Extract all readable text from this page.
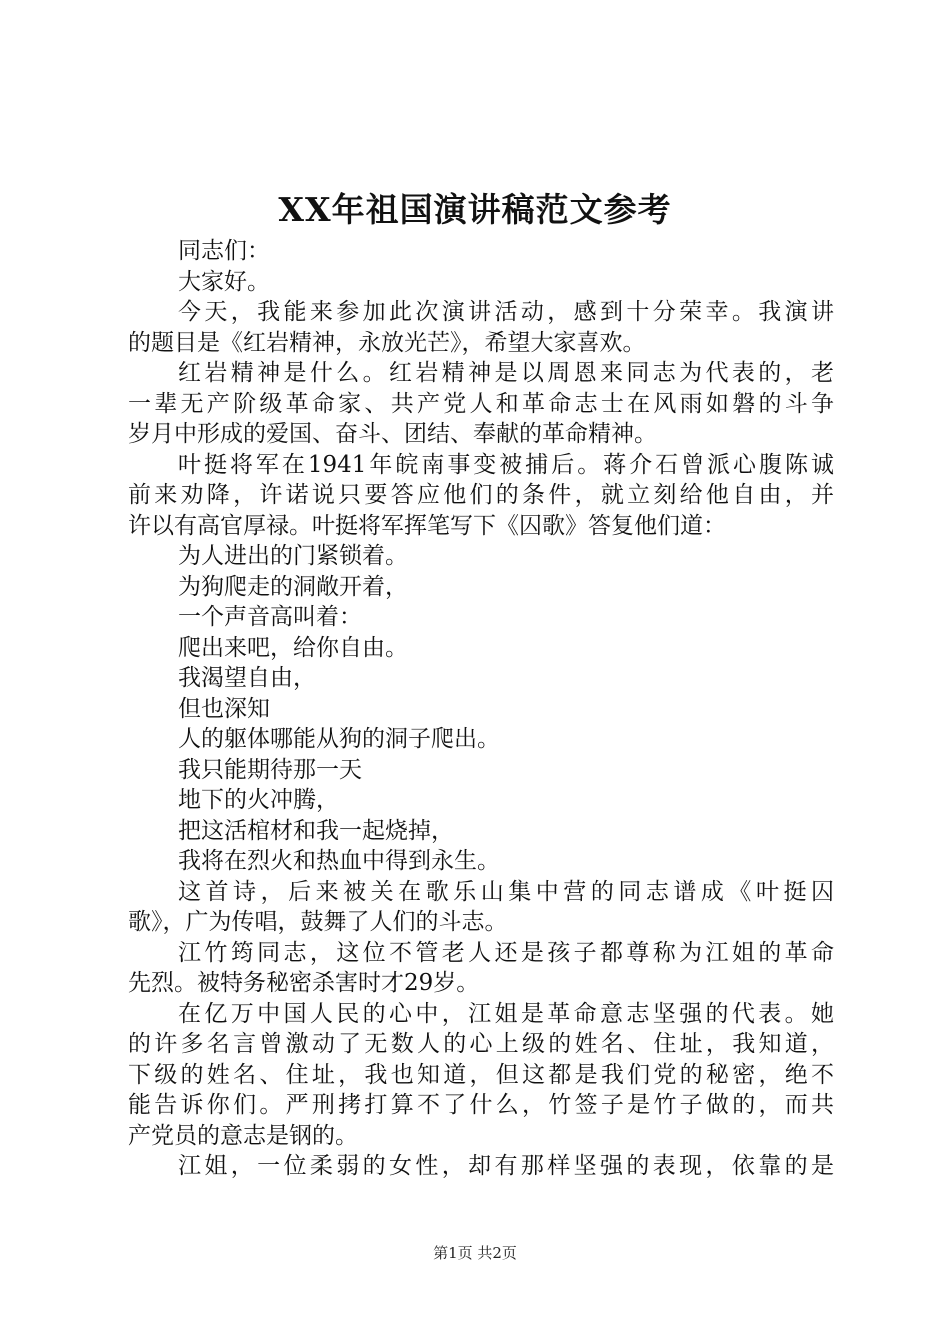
XX年祖国演讲稿范文参考
同志们：
大家好。
今天，我能来参加此次演讲活动，感到十分荣幸。我演讲
的题目是《红岩精神，永放光芒》，希望大家喜欢。
红岩精神是什么。红岩精神是以周恩来同志为代表的，老
一辈无产阶级革命家、共产党人和革命志士在风雨如磐的斗争
岁月中形成的爱国、奋斗、团结、奉献的革命精神。
叶挺将军在1941年皖南事变被捕后。蒋介石曾派心腹陈诚
前来劝降，许诺说只要答应他们的条件，就立刻给他自由，并
许以有高官厚禄。叶挺将军挥笔写下《囚歌》答复他们道：
为人进出的门紧锁着。
为狗爬走的洞敞开着，
一个声音高叫着：
爬出来吧，给你自由。
我渴望自由，
但也深知
人的躯体哪能从狗的洞子爬出。
我只能期待那一天
地下的火冲腾，
把这活棺材和我一起烧掉，
我将在烈火和热血中得到永生。
这首诗，后来被关在歌乐山集中营的同志谱成《叶挺囚
歌》，广为传唱，鼓舞了人们的斗志。
江竹筠同志，这位不管老人还是孩子都尊称为江姐的革命
先烈。被特务秘密杀害时才29岁。
在亿万中国人民的心中，江姐是革命意志坚强的代表。她
的许多名言曾激动了无数人的心上级的姓名、住址，我知道，
下级的姓名、住址，我也知道，但这都是我们党的秘密，绝不
能告诉你们。严刑拷打算不了什么，竹签子是竹子做的，而共
产党员的意志是钢的。
江姐，一位柔弱的女性，却有那样坚强的表现，依靠的是
第1页 共2页
